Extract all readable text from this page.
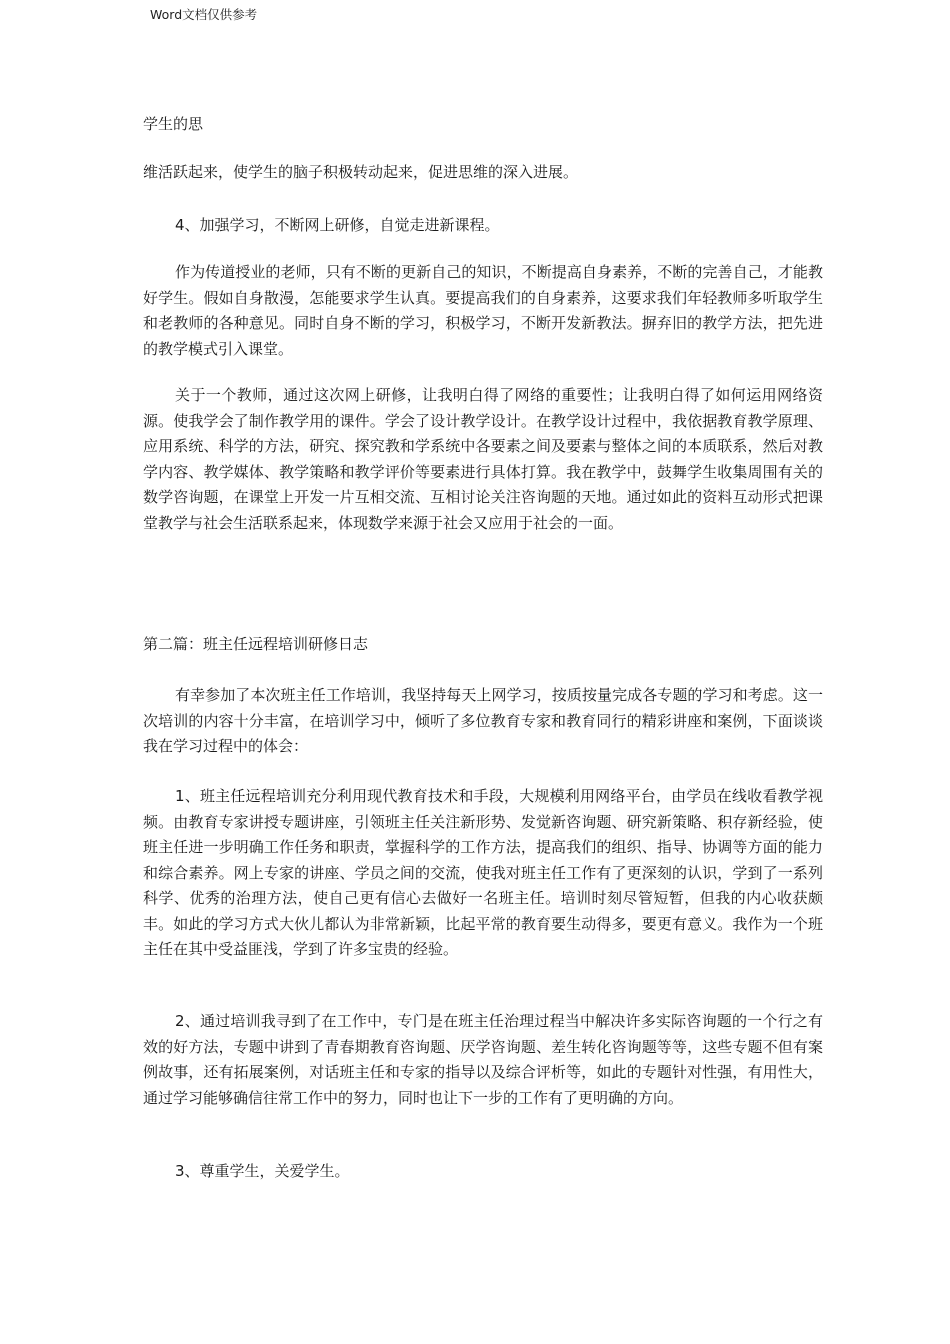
Word文档仅供参考

学生的思

维活跃起来，使学生的脑子积极转动起来，促进思维的深入进展。

4、加强学习，不断网上研修，自觉走进新课程。

作为传道授业的老师，只有不断的更新自己的知识，不断提高自身素养，不断的完善自己，才能教好学生。假如自身散漫，怎能要求学生认真。要提高我们的自身素养，这要求我们年轻教师多听取学生和老教师的各种意见。同时自身不断的学习，积极学习，不断开发新教法。摒弃旧的教学方法，把先进的教学模式引入课堂。

关于一个教师，通过这次网上研修，让我明白得了网络的重要性；让我明白得了如何运用网络资源。使我学会了制作教学用的课件。学会了设计教学设计。在教学设计过程中，我依据教育教学原理、应用系统、科学的方法，研究、探究教和学系统中各要素之间及要素与整体之间的本质联系，然后对教学内容、教学媒体、教学策略和教学评价等要素进行具体打算。我在教学中，鼓舞学生收集周围有关的数学咨询题，在课堂上开发一片互相交流、互相讨论关注咨询题的天地。通过如此的资料互动形式把课堂教学与社会生活联系起来，体现数学来源于社会又应用于社会的一面。

第二篇：班主任远程培训研修日志

有幸参加了本次班主任工作培训，我坚持每天上网学习，按质按量完成各专题的学习和考虑。这一次培训的内容十分丰富，在培训学习中，倾听了多位教育专家和教育同行的精彩讲座和案例，下面谈谈我在学习过程中的体会：

1、班主任远程培训充分利用现代教育技术和手段，大规模利用网络平台，由学员在线收看教学视频。由教育专家讲授专题讲座，引领班主任关注新形势、发觉新咨询题、研究新策略、积存新经验，使班主任进一步明确工作任务和职责，掌握科学的工作方法，提高我们的组织、指导、协调等方面的能力和综合素养。网上专家的讲座、学员之间的交流，使我对班主任工作有了更深刻的认识，学到了一系列科学、优秀的治理方法，使自己更有信心去做好一名班主任。培训时刻尽管短暂，但我的内心收获颇丰。如此的学习方式大伙儿都认为非常新颖，比起平常的教育要生动得多，要更有意义。我作为一个班主任在其中受益匪浅，学到了许多宝贵的经验。

2、通过培训我寻到了在工作中，专门是在班主任治理过程当中解决许多实际咨询题的一个行之有效的好方法，专题中讲到了青春期教育咨询题、厌学咨询题、差生转化咨询题等等，这些专题不但有案例故事，还有拓展案例，对话班主任和专家的指导以及综合评析等，如此的专题针对性强，有用性大，通过学习能够确信往常工作中的努力，同时也让下一步的工作有了更明确的方向。

3、尊重学生，关爱学生。
